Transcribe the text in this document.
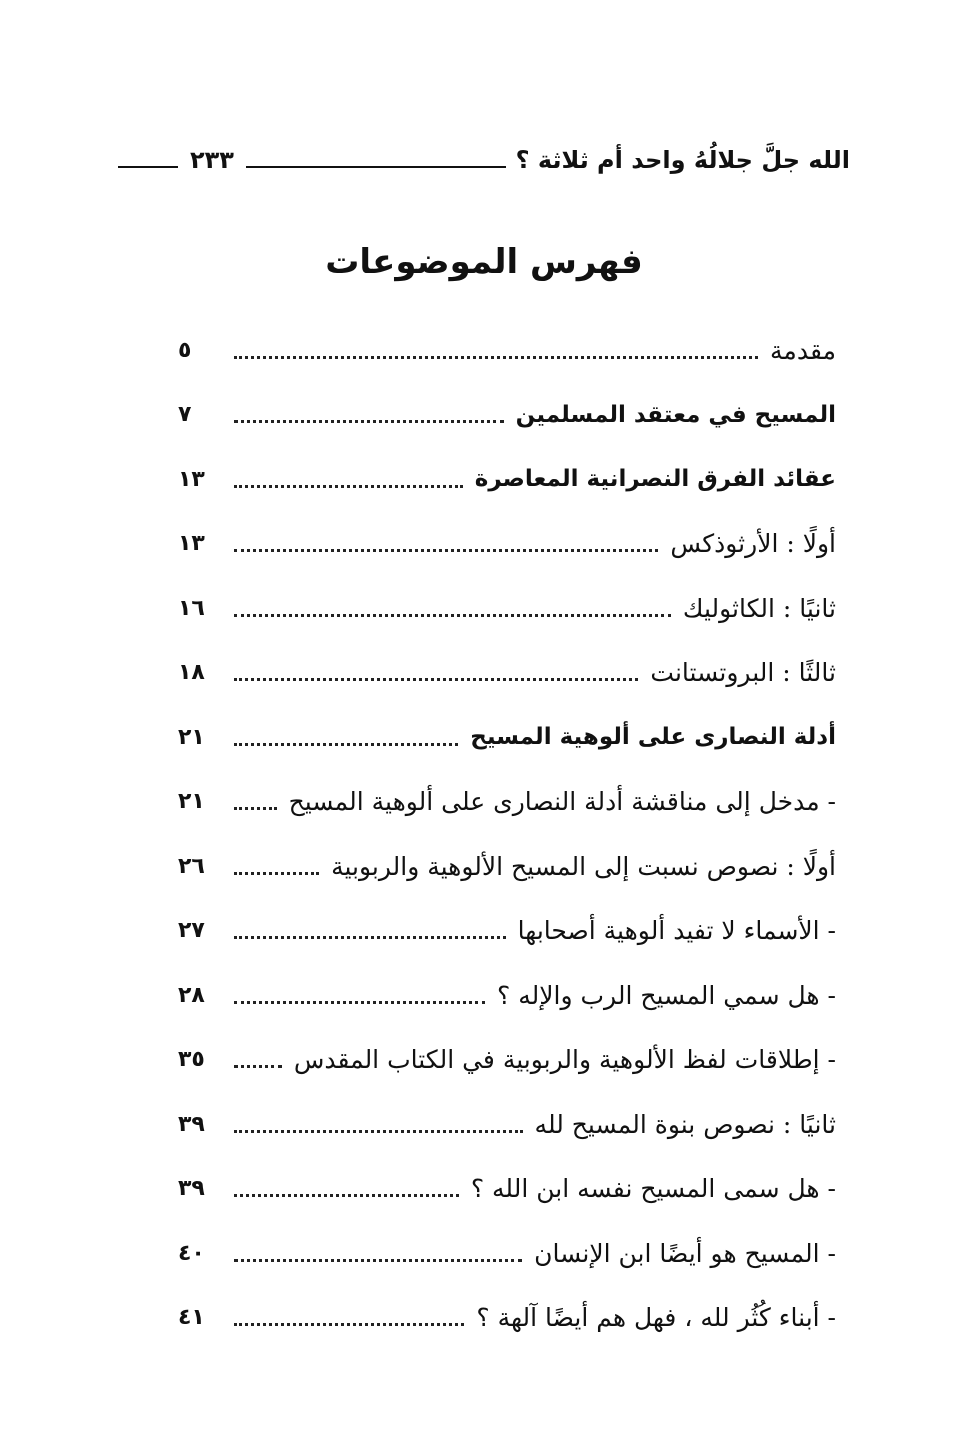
الله جلَّ جلالُهُ واحد أم ثلاثة ؟
٢٣٣
فهرس الموضوعات
مقدمة
٥
المسيح في معتقد المسلمين
٧
عقائد الفرق النصرانية المعاصرة
١٣
أولًا : الأرثوذكس
١٣
ثانيًا : الكاثوليك
١٦
ثالثًا : البروتستانت
١٨
أدلة النصارى على ألوهية المسيح
٢١
- مدخل إلى مناقشة أدلة النصارى على ألوهية المسيح
٢١
أولًا : نصوص نسبت إلى المسيح الألوهية والربوبية
٢٦
- الأسماء لا تفيد ألوهية أصحابها
٢٧
- هل سمي المسيح الرب والإله ؟
٢٨
- إطلاقات لفظ الألوهية والربوبية في الكتاب المقدس
٣٥
ثانيًا : نصوص بنوة المسيح لله
٣٩
- هل سمى المسيح نفسه ابن الله ؟
٣٩
- المسيح هو أيضًا ابن الإنسان
٤٠
- أبناء كُثُر لله ، فهل هم أيضًا آلهة ؟
٤١
